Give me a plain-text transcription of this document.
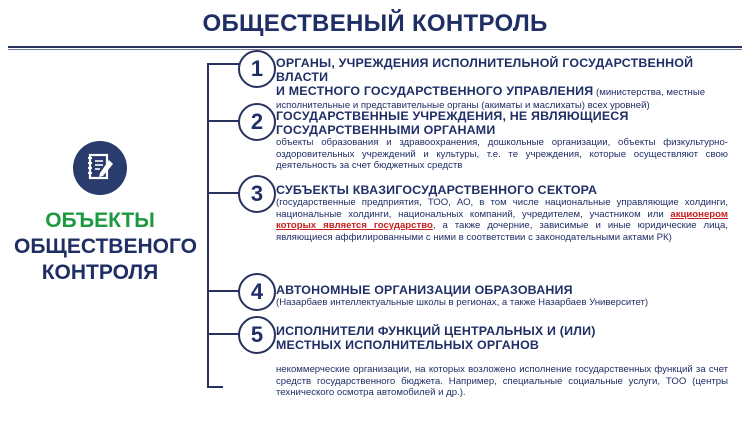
ОБЩЕСТВЕНЫЙ КОНТРОЛЬ
ОБЪЕКТЫ
ОБЩЕСТВЕНОГО
КОНТРОЛЯ
1
2
3
4
5
ОРГАНЫ, УЧРЕЖДЕНИЯ ИСПОЛНИТЕЛЬНОЙ ГОСУДАРСТВЕННОЙ ВЛАСТИ
И МЕСТНОГО ГОСУДАРСТВЕННОГО УПРАВЛЕНИЯ (министерства, местные
исполнительные и представительные органы (акиматы и маслихаты) всех уровней)
ГОСУДАРСТВЕННЫЕ УЧРЕЖДЕНИЯ, НЕ ЯВЛЯЮЩИЕСЯ
ГОСУДАРСТВЕННЫМИ ОРГАНАМИ
объекты образования и здравоохранения, дошкольные организации, объекты физкультурно-оздоровительных учреждений и культуры, т.е. те учреждения, которые осуществляют свою деятельность за счет бюджетных средств
СУБЪЕКТЫ КВАЗИГОСУДАРСТВЕННОГО СЕКТОРА
(государственные предприятия, ТОО, АО, в том числе национальные управляющие холдинги, национальные холдинги, национальных компаний, учредителем, участником или акционером которых является государство, а также дочерние, зависимые и иные юридические лица, являющиеся аффилированными с ними в соответствии с законодательными актами РК)
АВТОНОМНЫЕ ОРГАНИЗАЦИИ ОБРАЗОВАНИЯ
(Назарбаев интеллектуальные школы в регионах, а также Назарбаев Университет)
ИСПОЛНИТЕЛИ ФУНКЦИЙ ЦЕНТРАЛЬНЫХ И (ИЛИ)
МЕСТНЫХ ИСПОЛНИТЕЛЬНЫХ ОРГАНОВ
некоммерческие организации, на которых возложено исполнение государственных функций за счет средств государственного бюджета. Например, специальные социальные услуги, ТОО (центры технического осмотра автомобилей и др.).
